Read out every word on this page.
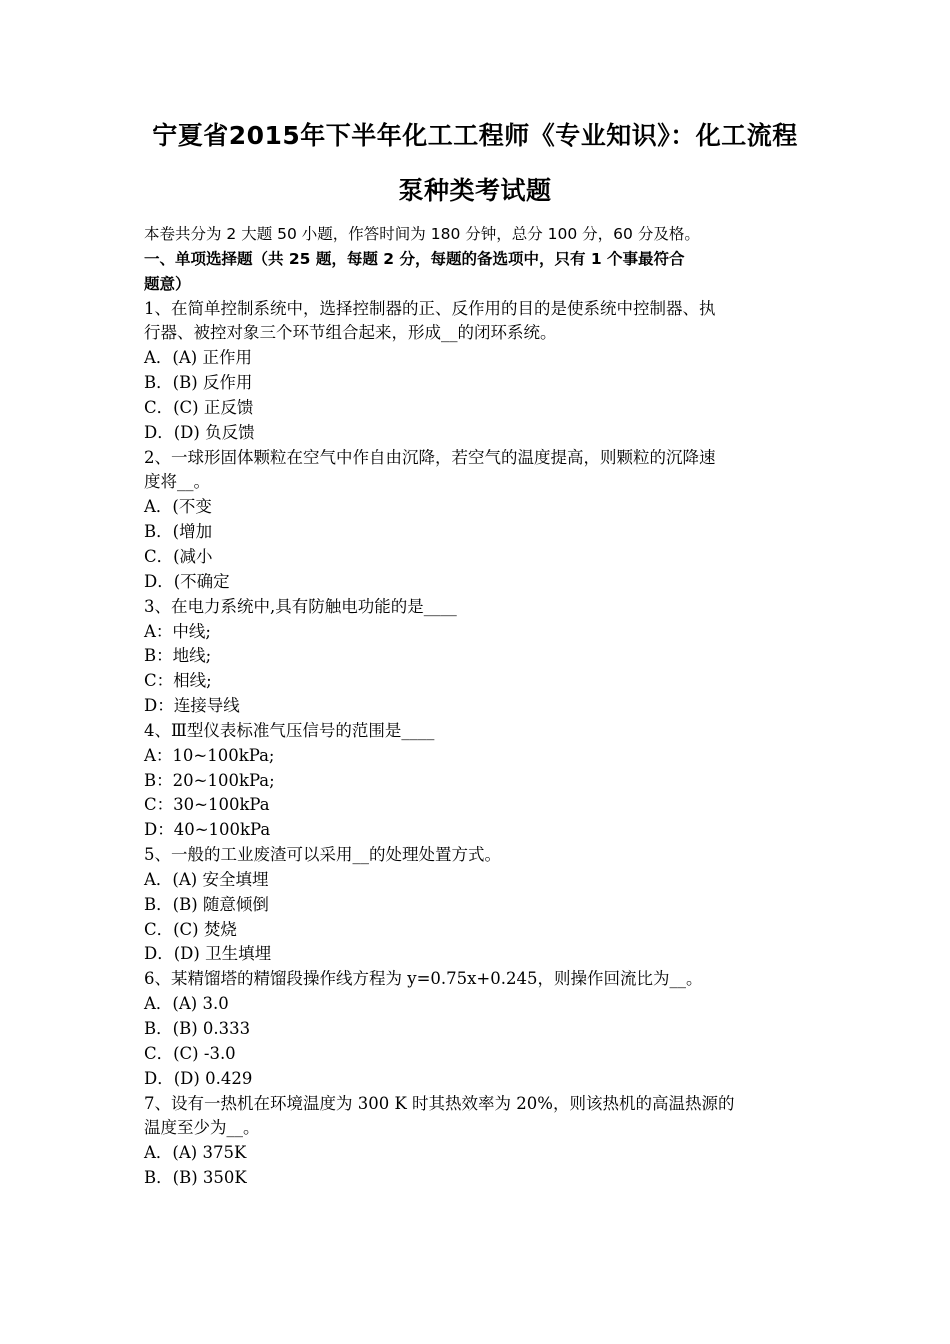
宁夏省2015年下半年化工工程师《专业知识》：化工流程
泵种类考试题
本卷共分为 2 大题 50 小题，作答时间为 180 分钟，总分 100 分，60 分及格。
一、单项选择题（共 25 题，每题 2 分，每题的备选项中，只有 1 个事最符合
题意）
1、在简单控制系统中，选择控制器的正、反作用的目的是使系统中控制器、执
行器、被控对象三个环节组合起来，形成__的闭环系统。
A．(A) 正作用
B．(B) 反作用
C．(C) 正反馈
D．(D) 负反馈
2、一球形固体颗粒在空气中作自由沉降，若空气的温度提高，则颗粒的沉降速
度将__。
A．(不变
B．(增加
C．(减小
D．(不确定
3、在电力系统中,具有防触电功能的是____
A：中线;
B：地线;
C：相线;
D：连接导线
4、Ⅲ型仪表标准气压信号的范围是____
A：10~100kPa;
B：20~100kPa;
C：30~100kPa
D：40~100kPa
5、一般的工业废渣可以采用__的处理处置方式。
A．(A) 安全填埋
B．(B) 随意倾倒
C．(C) 焚烧
D．(D) 卫生填埋
6、某精馏塔的精馏段操作线方程为 y=0.75x+0.245，则操作回流比为__。
A．(A) 3.0
B．(B) 0.333
C．(C) -3.0
D．(D) 0.429
7、设有一热机在环境温度为 300 K 时其热效率为 20%，则该热机的高温热源的
温度至少为__。
A．(A) 375K
B．(B) 350K
